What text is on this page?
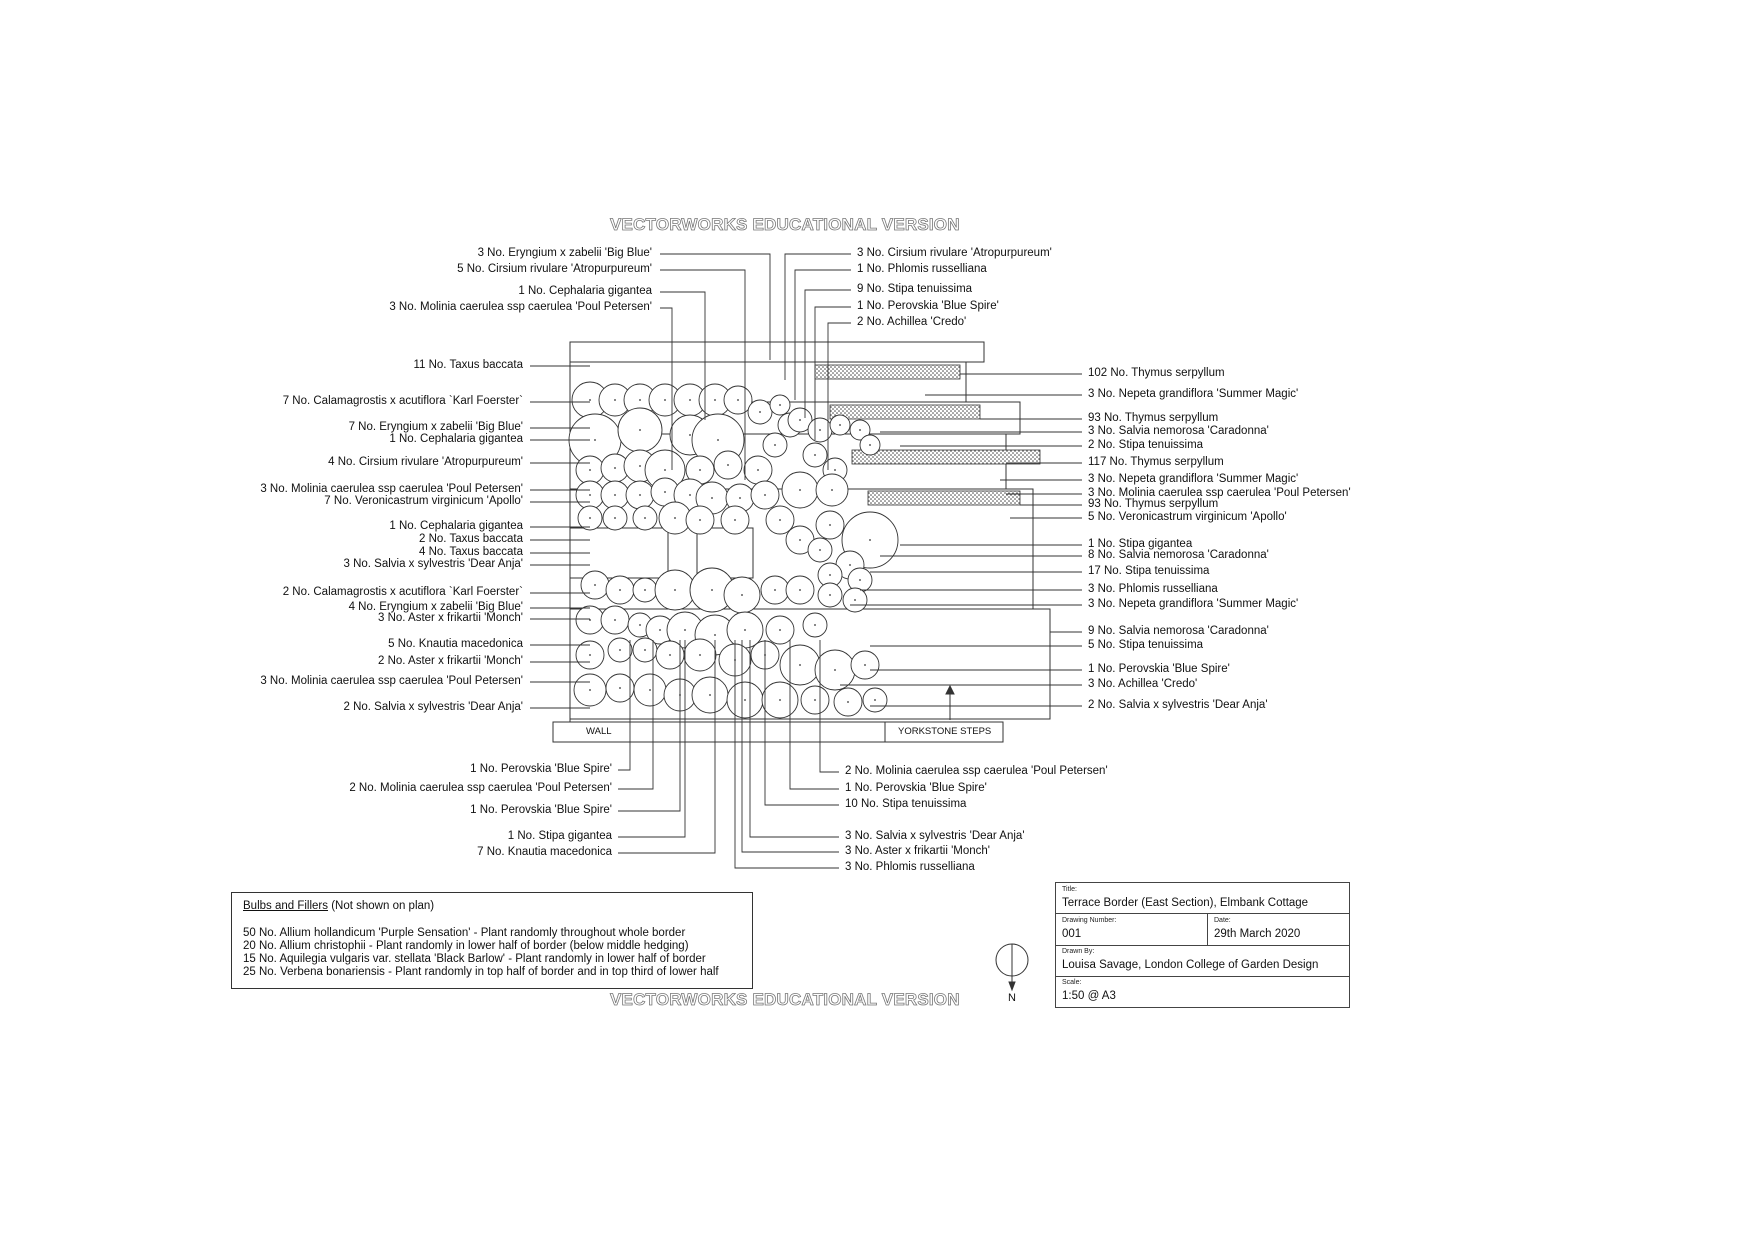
VECTORWORKS EDUCATIONAL VERSION
VECTORWORKS EDUCATIONAL VERSION
WALL	YORKSTONE STEPS
3 No. Eryngium x zabelii 'Big Blue'
5 No. Cirsium rivulare 'Atropurpureum'
1 No. Cephalaria gigantea
3 No. Molinia caerulea ssp caerulea 'Poul Petersen'
3 No. Cirsium rivulare 'Atropurpureum'
1 No. Phlomis russelliana
9 No. Stipa tenuissima
1 No. Perovskia 'Blue Spire'
2 No. Achillea 'Credo'
11 No. Taxus baccata
7 No. Calamagrostis x acutiflora `Karl Foerster`
7 No. Eryngium x zabelii 'Big Blue'
1 No. Cephalaria gigantea
4 No. Cirsium rivulare 'Atropurpureum'
3 No. Molinia caerulea ssp caerulea 'Poul Petersen'
7 No. Veronicastrum virginicum 'Apollo'
1 No. Cephalaria gigantea
2 No. Taxus baccata
4 No. Taxus baccata
3 No. Salvia x sylvestris 'Dear Anja'
2 No. Calamagrostis x acutiflora `Karl Foerster`
4 No. Eryngium x zabelii 'Big Blue'
3 No. Aster x frikartii 'Monch'
5 No. Knautia macedonica
2 No. Aster x frikartii 'Monch'
3 No. Molinia caerulea ssp caerulea 'Poul Petersen'
2 No. Salvia x sylvestris 'Dear Anja'
102 No. Thymus serpyllum
3 No. Nepeta grandiflora 'Summer Magic'
93 No. Thymus serpyllum
3 No. Salvia nemorosa 'Caradonna'
2 No. Stipa tenuissima
117 No. Thymus serpyllum
3 No. Nepeta grandiflora 'Summer Magic'
3 No. Molinia caerulea ssp caerulea 'Poul Petersen'
93 No. Thymus serpyllum
5 No. Veronicastrum virginicum 'Apollo'
1 No. Stipa gigantea
8 No. Salvia nemorosa 'Caradonna'
17 No. Stipa tenuissima
3 No. Phlomis russelliana
3 No. Nepeta grandiflora 'Summer Magic'
9 No. Salvia nemorosa 'Caradonna'
5 No. Stipa tenuissima
1 No. Perovskia 'Blue Spire'
3 No. Achillea 'Credo'
2 No. Salvia x sylvestris 'Dear Anja'
1 No. Perovskia 'Blue Spire'
2 No. Molinia caerulea ssp caerulea 'Poul Petersen'
1 No. Perovskia 'Blue Spire'
1 No. Stipa gigantea
7 No. Knautia macedonica
2 No. Molinia caerulea ssp caerulea 'Poul Petersen'
1 No. Perovskia 'Blue Spire'
10 No. Stipa tenuissima
3 No. Salvia x sylvestris 'Dear Anja'
3 No. Aster x frikartii 'Monch'
3 No. Phlomis russelliana
Bulbs and Fillers (Not shown on plan)
50 No. Allium hollandicum 'Purple Sensation' - Plant randomly throughout whole border
20 No. Allium christophii - Plant randomly in lower half of border (below middle hedging)
15 No. Aquilegia vulgaris var. stellata 'Black Barlow' - Plant randomly in lower half of border
25 No. Verbena bonariensis - Plant randomly in top half of border and in top third of lower half
N
Title:
Terrace Border (East Section), Elmbank Cottage
Drawing Number:
001
Date:
29th March 2020
Drawn By:
Louisa Savage, London College of Garden Design
Scale:
1:50 @ A3
